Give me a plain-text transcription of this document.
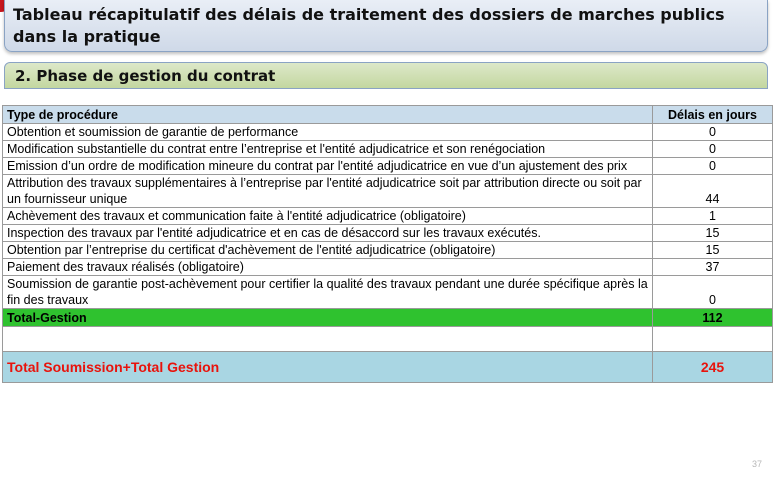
Tableau récapitulatif des délais de traitement des dossiers de marches publics dans la pratique
2. Phase de gestion du contrat
Type de procédure	Délais en jours
Obtention et soumission de garantie de performance	0
Modification substantielle du contrat entre l’entreprise et l'entité adjudicatrice et son renégociation	0
Emission d’un ordre de modification mineure du contrat par l'entité adjudicatrice en vue d’un ajustement des prix	0
Attribution des travaux supplémentaires à l’entreprise par l'entité adjudicatrice soit par attribution directe ou soit par un fournisseur unique	44
Achèvement des travaux et communication faite à l'entité adjudicatrice (obligatoire)	1
Inspection des travaux par l'entité adjudicatrice et en cas de désaccord sur les travaux exécutés.	15
Obtention par l’entreprise du certificat d'achèvement de l'entité adjudicatrice (obligatoire)	15
Paiement des travaux réalisés (obligatoire)	37
Soumission de garantie post-achèvement pour certifier la qualité des travaux pendant une durée spécifique après la fin des travaux	0
Total-Gestion	112

Total Soumission+Total Gestion	245
37
